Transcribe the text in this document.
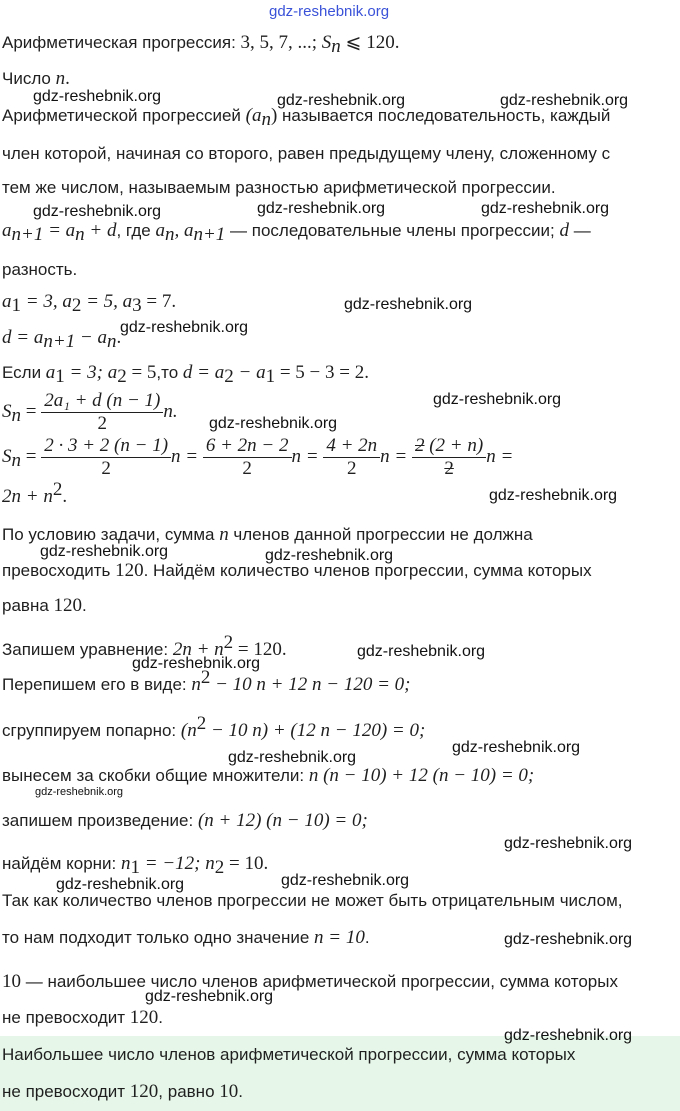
gdz-reshebnik.org
Арифметическая прогрессия: 3, 5, 7, ...; $S_n$ ⩽ 120.
Число n.
Арифметической прогрессией $(a_n)$ называется последовательность, каждый
член которой, начиная со второго, равен предыдущему члену, сложенному с
тем же числом, называемым разностью арифметической прогрессии.
$a_{n+1} = a_n + d$, где $a_n$, $a_{n+1}$ — последовательные члены прогрессии; d —
разность.
$a_1 = 3$, $a_2 = 5$, $a_3 = 7$.
$d = a_{n+1} - a_n$.
Если $a_1 = 3$; $a_2 = 5,то$ $d = a_2 - a_1 = 5 - 3 = 2$.
$S_n = \frac{\text{2a₁ + d (n − 1)}}{2} n$.
$S_n = \frac{2 \cdot 3 + 2 (n - 1)}{2}$ $n = \frac{6 + 2n - 2}{2}$ $n = \frac{4 + 2n}{2}$ $n = \frac{2 (2 + n)}{2}$ n =
$2n + n^2$.
По условию задачи, сумма n членов данной прогрессии не должна
превосходить 120. Найдём количество членов прогрессии, сумма которых
равна 120.
Запишем уравнение: $2n + n^2 = 120$.
Перепишем его в виде: $n^2 - 10$ n + 12 n − 120 = 0;
сгруппируем попарно: ($n^2 - 10$ n) + (12 n − 120) = 0;
вынесем за скобки общие множители: n (n − 10) + 12 (n − 10) = 0;
запишем произведение: (n + 12) (n − 10) = 0;
найдём корни: $n_1 = -12$; $n_2 = 10$.
Так как количество членов прогрессии не может быть отрицательным числом,
то нам подходит только одно значение n = 10.
10 — наибольшее число членов арифметической прогрессии, сумма которых
не превосходит 120.
Наибольшее число членов арифметической прогрессии, сумма которых
не превосходит 120, равно 10.
gdz-reshebnik.org	gdz-reshebnik.org	gdz-reshebnik.org
gdz-reshebnik.org	gdz-reshebnik.org	gdz-reshebnik.org
gdz-reshebnik.org
gdz-reshebnik.org
gdz-reshebnik.org
gdz-reshebnik.org
gdz-reshebnik.org
gdz-reshebnik.org	gdz-reshebnik.org
gdz-reshebnik.org
gdz-reshebnik.org
gdz-reshebnik.org
gdz-reshebnik.org
gdz-reshebnik.org
gdz-reshebnik.org
gdz-reshebnik.org	gdz-reshebnik.org
gdz-reshebnik.org
gdz-reshebnik.org
gdz-reshebnik.org
